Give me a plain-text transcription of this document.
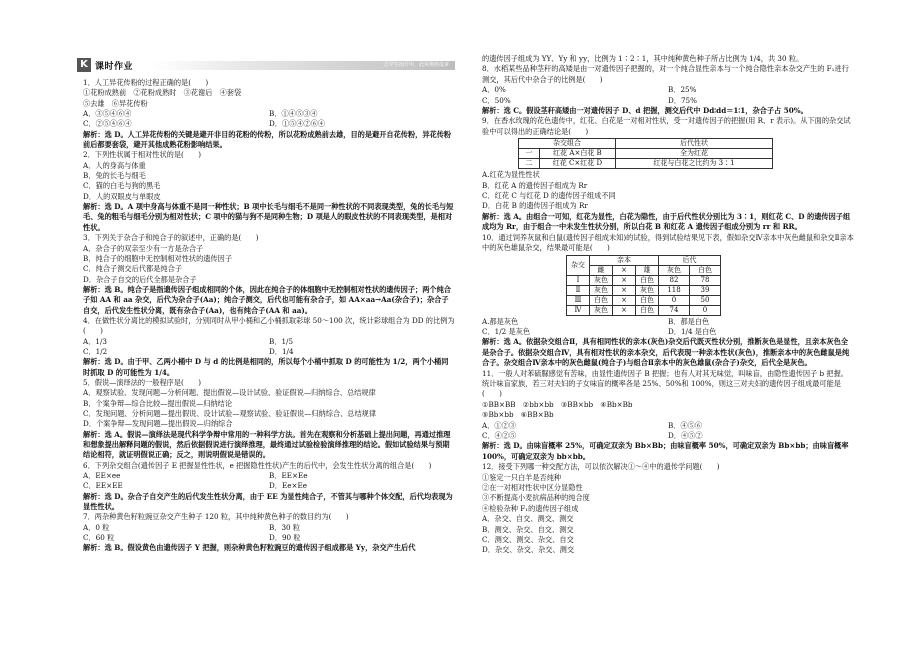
K 课时作业	志学生而升中，此风唯胜成章

1．人工异花传粉的过程正确的是(　　)

①花粉成熟前　②花粉成熟时　③花谢后　④套袋

⑤去雄　⑥异花传粉

A．③⑤④⑥④	B．①④⑤③④
C．②⑤④⑥④	D．①⑤④②⑥④

解析：选 D。人工异花传粉的关键是避开非目的花粉的传粉，所以花粉成熟前去雄，目的是避开自花传粉，异花传粉前后都要套袋，避开其他成熟花粉影响结果。

2．下列性状属于相对性状的是(　　)

A．人的身高与体重

B．兔的长毛与细毛

C．猫的白毛与狗的黑毛

D．人的双眼皮与单眼皮

解析：选 D。A 项中身高与体重不是同一种性状；B 项中长毛与细毛不是同一种性状的不同表现类型，兔的长毛与短毛、兔的粗毛与细毛分别为相对性状；C 项中的猫与狗不是同种生物；D 项是人的眼皮性状的不同表现类型，是相对性状。

3．下列关于杂合子和纯合子的叙述中，正确的是(　　)

A．杂合子的双亲至少有一方是杂合子

B．纯合子的细胞中无控制相对性状的遗传因子

C．纯合子测交后代都是纯合子

D．杂合子自交的后代全都是杂合子

解析：选 B。纯合子是指遗传因子组成相同的个体，因此在纯合子的体细胞中无控制相对性状的遗传因子；两个纯合子如 AA 和 aa 杂交，后代为杂合子(Aa)；纯合子测交，后代也可能有杂合子，如 AA×aa→Aa(杂合子)；杂合子自交，后代发生性状分离，既有杂合子(Aa)，也有纯合子(AA 和 aa)。

4．在做性状分离比的模拟试验时，分别同时从甲小桶和乙小桶抓取彩球 50～100 次，统计彩球组合为 DD 的比例为(　　)

A．1/3	B．1/5
C．1/2	D．1/4

解析：选 D。由于甲、乙两小桶中 D 与 d 的比例是相同的，所以每个小桶中抓取 D 的可能性为 1/2，两个小桶同时抓取 D 的可能性为 1/4。

5．假说—演绎法的一般程序是(　　)

A．观察试验、发现问题—分析问题、提出假说—设计试验、验证假说—归纳综合、总结规律

B．个案争辩—综合比较—提出假说—归纳结论

C．发现问题、分析问题—提出假说、设计试验—观察试验、验证假说—归纳综合、总结规律

D．个案争辩—发现问题—提出假说—归纳综合

解析：选 A。假说—演绎法是现代科学争辩中常用的一种科学方法。首先在观察和分析基础上提出问题，再通过推理和想象提出解释问题的假说，然后依据假说进行演绎推理，最终通过试验检验演绎推理的结论。假如试验结果与预期结论相符，就证明假说正确；反之，则说明假说是错误的。

6．下列杂交组合(遗传因子 E 把握显性性状，e 把握隐性性状)产生的后代中，会发生性状分离的组合是(　　)

A．EE×ee	B．EE×Ee
C．EE×EE	D．Ee×Ee

解析：选 D。杂合子自交产生的后代发生性状分离，由于 EE 为显性纯合子，不管其与哪种个体交配，后代均表现为显性性状。

7．两杂种黄色籽粒豌豆杂交产生种子 120 粒，其中纯种黄色种子的数目约为(　　)

A．0 粒	B．30 粒
C．60 粒	D．90 粒

解析：选 B。假设黄色由遗传因子 Y 把握，则杂种黄色籽粒豌豆的遗传因子组成都是 Yy，杂交产生后代

的遗传因子组成为 YY、Yy 和 yy，比例为 1∶2∶1，其中纯种黄色种子所占比例为 1/4，共 30 粒。

8．水稻某些品种茎秆的高矮是由一对遗传因子把握的，对一个纯合显性亲本与一个纯合隐性亲本杂交产生的 F₁进行测交，其后代中杂合子的比例是(　　)

A．0%	B．25%
C．50%	D．75%

解析：选 C。假设茎秆高矮由一对遗传因子 D、d 把握，测交后代中 Dd∶dd＝1∶1，杂合子占 50%。

9．在香水玫瑰的花色遗传中，红花、白花是一对相对性状，受一对遗传因子的把握(用 R、r 表示)。从下面的杂交试验中可以得出的正确结论是(　　)

杂交组合		后代性状
一	红花 A×白花 B	全为红花
二	红花 C×红花 D	红花与白花之比约为 3∶1

A.红花为显性性状

B．红花 A 的遗传因子组成为 Rr

C．红花 C 与红花 D 的遗传因子组成不同

D．白花 B 的遗传因子组成为 Rr

解析：选 A。由组合一可知，红花为显性，白花为隐性，由于后代性状分别比为 3∶1，则红花 C、D 的遗传因子组成均为 Rr，由于组合一中未发生性状分别，所以白花 B 和红花 A 遗传因子组成分别为 rr 和 RR。

10．通过饲养灰鼠和白鼠(遗传因子组成未知)的试验，得到试验结果见下表，假如杂交Ⅳ亲本中灰色雌鼠和杂交Ⅱ亲本中的灰色雄鼠杂交，结果最可能是(　　)

杂交	亲本			后代	
	雌	×	雄	灰色	白色
Ⅰ	灰色	×	白色	82	78
Ⅱ	灰色	×	灰色	118	39
Ⅲ	白色	×	白色	0	50
Ⅳ	灰色	×	白色	74	0
A.都是灰色	B．都是白色
C．1/2 是灰色	D．1/4 是白色

解析：选 A。依据杂交组合Ⅱ，具有相同性状的亲本(灰色)杂交后代既灭性状分别，推断灰色是显性，且亲本灰色全是杂合子。依据杂交组合Ⅳ，具有相对性状的亲本杂交，后代表现一种亲本性状(灰色)，推断亲本中的灰色雌鼠是纯合子。杂交组合Ⅳ亲本中的灰色雌鼠(纯合子)与组合Ⅱ亲本中的灰色雄鼠(杂合子)杂交，后代全是灰色。

11．一般人对苯硫脲感觉有苦味，由显性遗传因子 B 把握；也有人对其无味觉，叫味盲，由隐性遗传因子 b 把握。统计味盲家族，若三对夫妇的子女味盲的概率各是 25%、50%和 100%，则这三对夫妇的遗传因子组成最可能是(　　)

①BB×BB　②bb×bb　③BB×bb　④Bb×Bb

⑤Bb×bb　⑥BB×Bb

A．①②③	B．④⑤⑥
C．④②⑤	D．④⑤②

解析：选 D。由味盲概率 25%，可确定双亲为 Bb×Bb；由味盲概率 50%，可确定双亲为 Bb×bb；由味盲概率 100%，可确定双亲为 bb×bb。

12．接受下列哪一种交配方法，可以依次解决①～④中的遗传学问题(　　)

①鉴定一只白羊是否纯种

②在一对相对性状中区分显隐性

③不断提高小麦抗病品种的纯合度

④检验杂种 F₁的遗传因子组成

A．杂交、自交、测交、测交

B．测交、杂交、自交、测交

C．测交、测交、杂交、自交

D．杂交、杂交、杂交、测交
